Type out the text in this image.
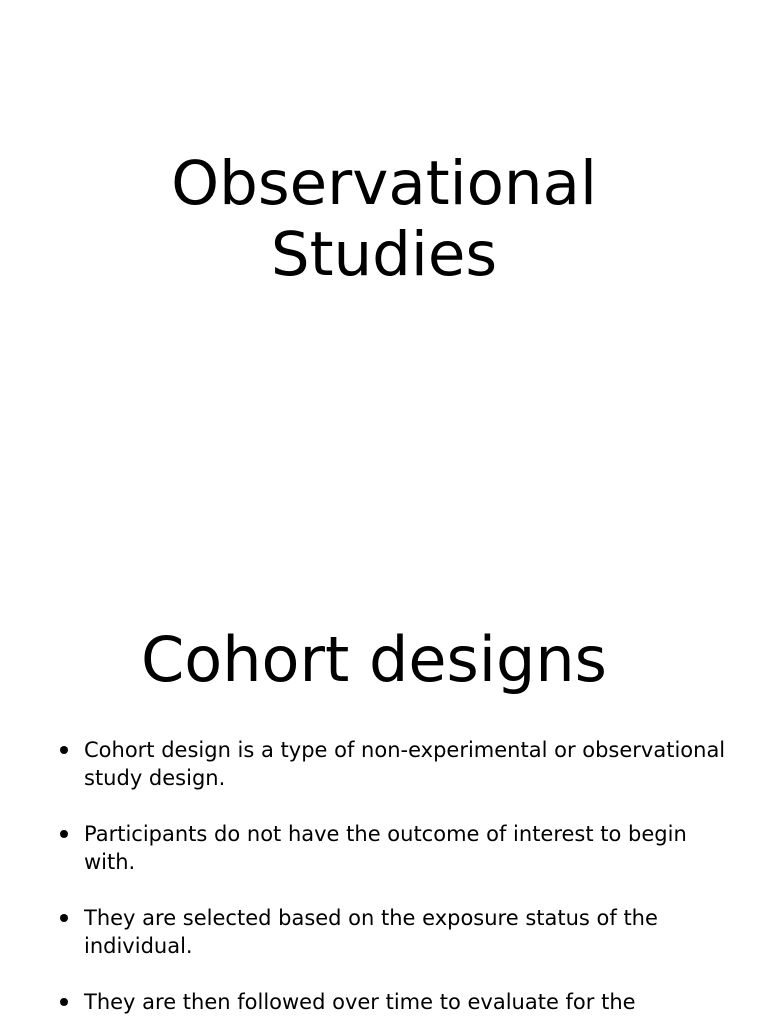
Observational Studies
Cohort designs
Cohort design is a type of non-experimental or observational study design.
Participants do not have the outcome of interest to begin with.
They are selected based on the exposure status of the individual.
They are then followed over time to evaluate for the
